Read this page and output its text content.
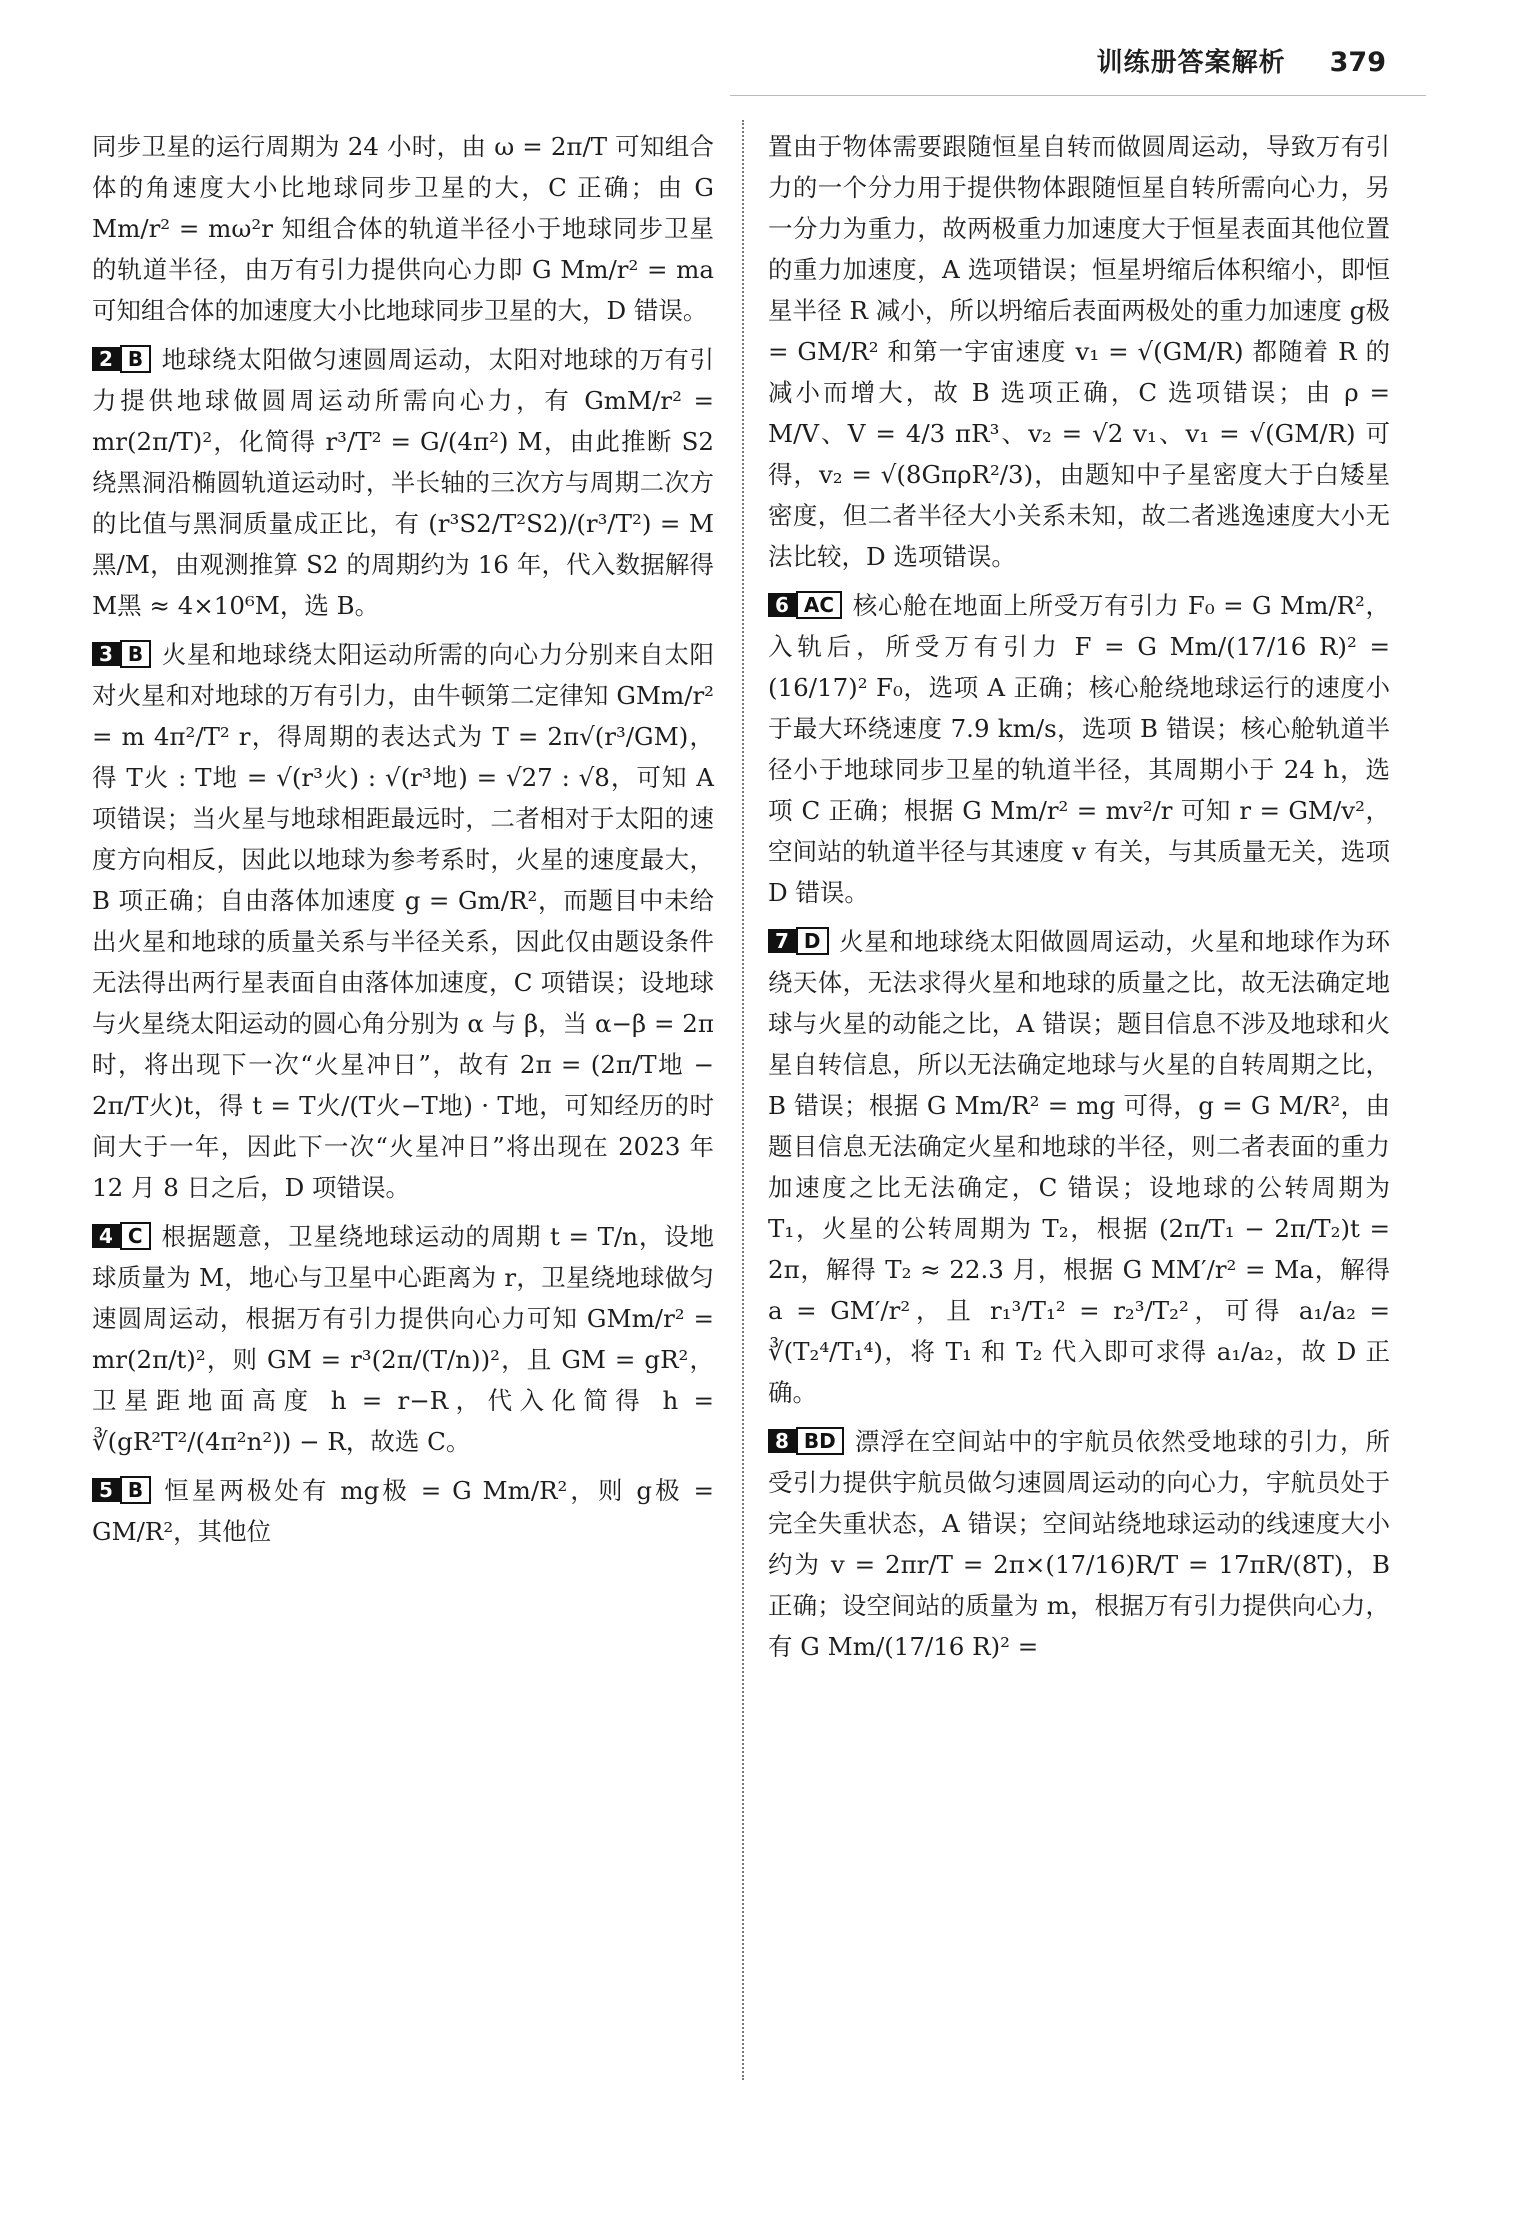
训练册答案解析 379

同步卫星的运行周期为 24 小时，由 ω = 2π/T 可知组合体的角速度大小比地球同步卫星的大，C 正确；由 G Mm/r² = mω²r 知组合体的轨道半径小于地球同步卫星的轨道半径，由万有引力提供向心力即 G Mm/r² = ma 可知组合体的加速度大小比地球同步卫星的大，D 错误。

2 B 地球绕太阳做匀速圆周运动，太阳对地球的万有引力提供地球做圆周运动所需向心力，有 GmM/r² = mr(2π/T)²，化简得 r³/T² = G/(4π²) M，由此推断 S2 绕黑洞沿椭圆轨道运动时，半长轴的三次方与周期二次方的比值与黑洞质量成正比，有 (r³S2/T²S2)/(r³/T²) = M黑/M，由观测推算 S2 的周期约为 16 年，代入数据解得 M黑 ≈ 4×10⁶M，选 B。

3 B 火星和地球绕太阳运动所需的向心力分别来自太阳对火星和对地球的万有引力，由牛顿第二定律知 GMm/r² = m 4π²/T² r，得周期的表达式为 T = 2π√(r³/GM)，得 T火 : T地 = √(r³火) : √(r³地) = √27 : √8，可知 A 项错误；当火星与地球相距最远时，二者相对于太阳的速度方向相反，因此以地球为参考系时，火星的速度最大，B 项正确；自由落体加速度 g = Gm/R²，而题目中未给出火星和地球的质量关系与半径关系，因此仅由题设条件无法得出两行星表面自由落体加速度，C 项错误；设地球与火星绕太阳运动的圆心角分别为 α 与 β，当 α−β = 2π 时，将出现下一次“火星冲日”，故有 2π = (2π/T地 − 2π/T火)t，得 t = T火/(T火−T地) · T地，可知经历的时间大于一年，因此下一次“火星冲日”将出现在 2023 年 12 月 8 日之后，D 项错误。

4 C 根据题意，卫星绕地球运动的周期 t = T/n，设地球质量为 M，地心与卫星中心距离为 r，卫星绕地球做匀速圆周运动，根据万有引力提供向心力可知 GMm/r² = mr(2π/t)²，则 GM = r³(2π/(T/n))²，且 GM = gR²，卫星距地面高度 h = r−R，代入化简得 h = ∛(gR²T²/(4π²n²)) − R，故选 C。

5 B 恒星两极处有 mg极 = G Mm/R²，则 g极 = GM/R²，其他位

置由于物体需要跟随恒星自转而做圆周运动，导致万有引力的一个分力用于提供物体跟随恒星自转所需向心力，另一分力为重力，故两极重力加速度大于恒星表面其他位置的重力加速度，A 选项错误；恒星坍缩后体积缩小，即恒星半径 R 减小，所以坍缩后表面两极处的重力加速度 g极 = GM/R² 和第一宇宙速度 v₁ = √(GM/R) 都随着 R 的减小而增大，故 B 选项正确，C 选项错误；由 ρ = M/V、V = 4/3 πR³、v₂ = √2 v₁、v₁ = √(GM/R) 可得，v₂ = √(8GπρR²/3)，由题知中子星密度大于白矮星密度，但二者半径大小关系未知，故二者逃逸速度大小无法比较，D 选项错误。

6 AC 核心舱在地面上所受万有引力 F₀ = G Mm/R²，入轨后，所受万有引力 F = G Mm/(17/16 R)² = (16/17)² F₀，选项 A 正确；核心舱绕地球运行的速度小于最大环绕速度 7.9 km/s，选项 B 错误；核心舱轨道半径小于地球同步卫星的轨道半径，其周期小于 24 h，选项 C 正确；根据 G Mm/r² = mv²/r 可知 r = GM/v²，空间站的轨道半径与其速度 v 有关，与其质量无关，选项 D 错误。

7 D 火星和地球绕太阳做圆周运动，火星和地球作为环绕天体，无法求得火星和地球的质量之比，故无法确定地球与火星的动能之比，A 错误；题目信息不涉及地球和火星自转信息，所以无法确定地球与火星的自转周期之比，B 错误；根据 G Mm/R² = mg 可得，g = G M/R²，由题目信息无法确定火星和地球的半径，则二者表面的重力加速度之比无法确定，C 错误；设地球的公转周期为 T₁，火星的公转周期为 T₂，根据 (2π/T₁ − 2π/T₂)t = 2π，解得 T₂ ≈ 22.3 月，根据 G MM′/r² = Ma，解得 a = GM′/r²，且 r₁³/T₁² = r₂³/T₂²，可得 a₁/a₂ = ∛(T₂⁴/T₁⁴)，将 T₁ 和 T₂ 代入即可求得 a₁/a₂，故 D 正确。

8 BD 漂浮在空间站中的宇航员依然受地球的引力，所受引力提供宇航员做匀速圆周运动的向心力，宇航员处于完全失重状态，A 错误；空间站绕地球运动的线速度大小约为 v = 2πr/T = 2π×(17/16)R/T = 17πR/(8T)，B 正确；设空间站的质量为 m，根据万有引力提供向心力，有 G Mm/(17/16 R)² =
